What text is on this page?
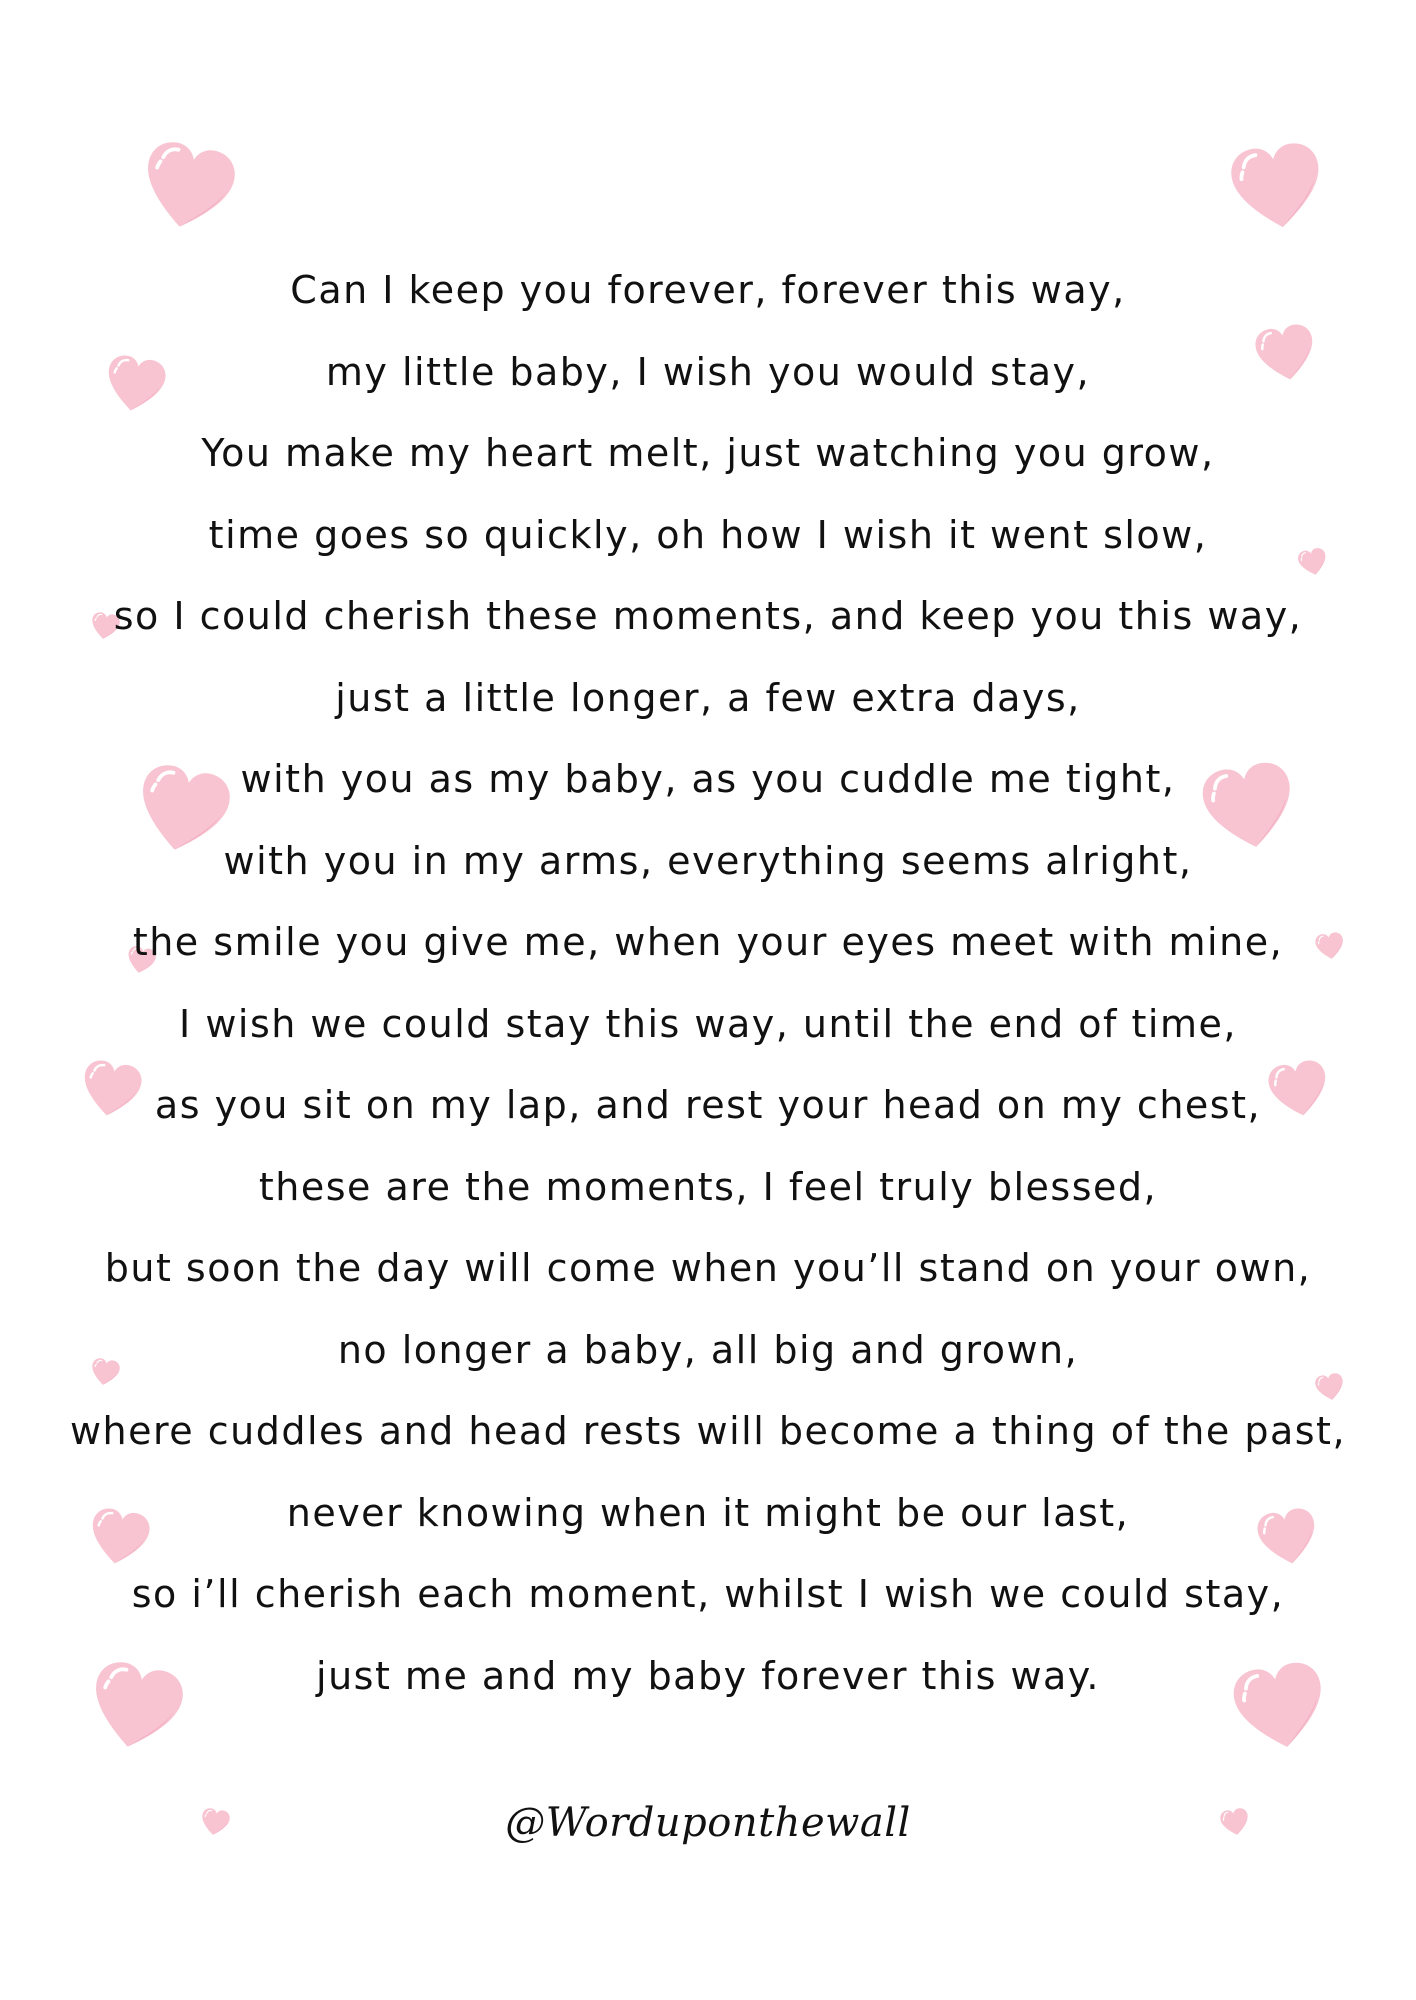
Can I keep you forever, forever this way,
my little baby, I wish you would stay,
You make my heart melt, just watching you grow,
time goes so quickly, oh how I wish it went slow,
so I could cherish these moments, and keep you this way,
just a little longer, a few extra days,
with you as my baby, as you cuddle me tight,
with you in my arms, everything seems alright,
the smile you give me, when your eyes meet with mine,
I wish we could stay this way, until the end of time,
as you sit on my lap, and rest your head on my chest,
these are the moments, I feel truly blessed,
but soon the day will come when you’ll stand on your own,
no longer a baby, all big and grown,
where cuddles and head rests will become a thing of the past,
never knowing when it might be our last,
so i’ll cherish each moment, whilst I wish we could stay,
just me and my baby forever this way.
@Worduponthewall
